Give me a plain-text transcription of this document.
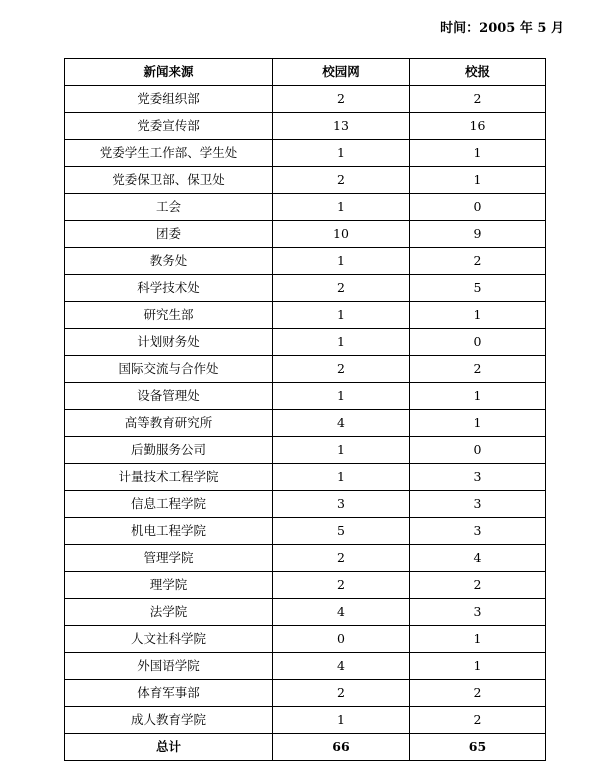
时间：2005 年 5 月
新闻来源	校园网	校报
党委组织部	2	2
党委宣传部	13	16
党委学生工作部、学生处	1	1
党委保卫部、保卫处	2	1
工会	1	0
团委	10	9
教务处	1	2
科学技术处	2	5
研究生部	1	1
计划财务处	1	0
国际交流与合作处	2	2
设备管理处	1	1
高等教育研究所	4	1
后勤服务公司	1	0
计量技术工程学院	1	3
信息工程学院	3	3
机电工程学院	5	3
管理学院	2	4
理学院	2	2
法学院	4	3
人文社科学院	0	1
外国语学院	4	1
体育军事部	2	2
成人教育学院	1	2
总计	66	65
